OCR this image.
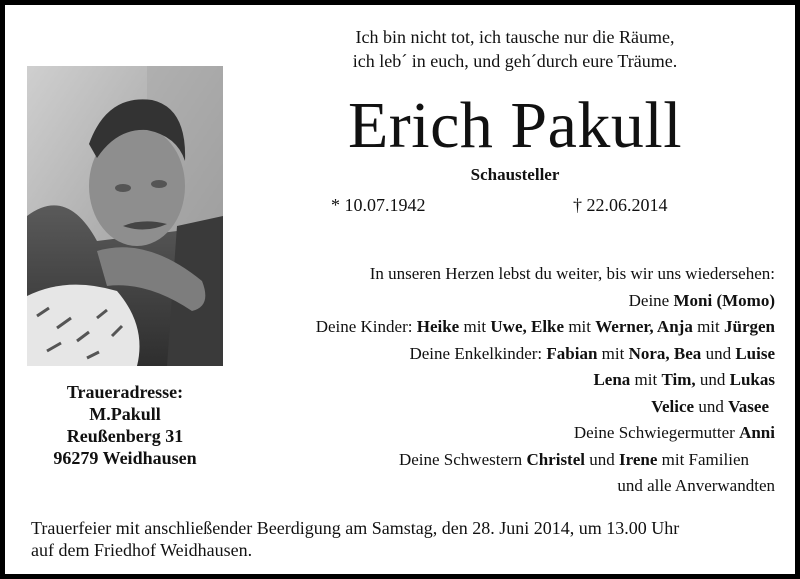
Ich bin nicht tot, ich tausche nur die Räume,
ich leb´ in euch, und geh´durch eure Träume.
Erich Pakull
Schausteller
* 10.07.1942	† 22.06.2014
Traueradresse:
M.Pakull
Reußenberg 31
96279 Weidhausen
In unseren Herzen lebst du weiter, bis wir uns wiedersehen:
Deine Moni (Momo)
Deine Kinder: Heike mit Uwe, Elke mit Werner, Anja mit Jürgen
Deine Enkelkinder: Fabian mit Nora, Bea und Luise
Lena mit Tim, und Lukas
Velice und Vasee
Deine Schwiegermutter Anni
Deine Schwestern Christel und Irene mit Familien
und alle Anverwandten
Trauerfeier mit anschließender Beerdigung am Samstag, den 28. Juni 2014, um 13.00 Uhr
auf dem Friedhof Weidhausen.
